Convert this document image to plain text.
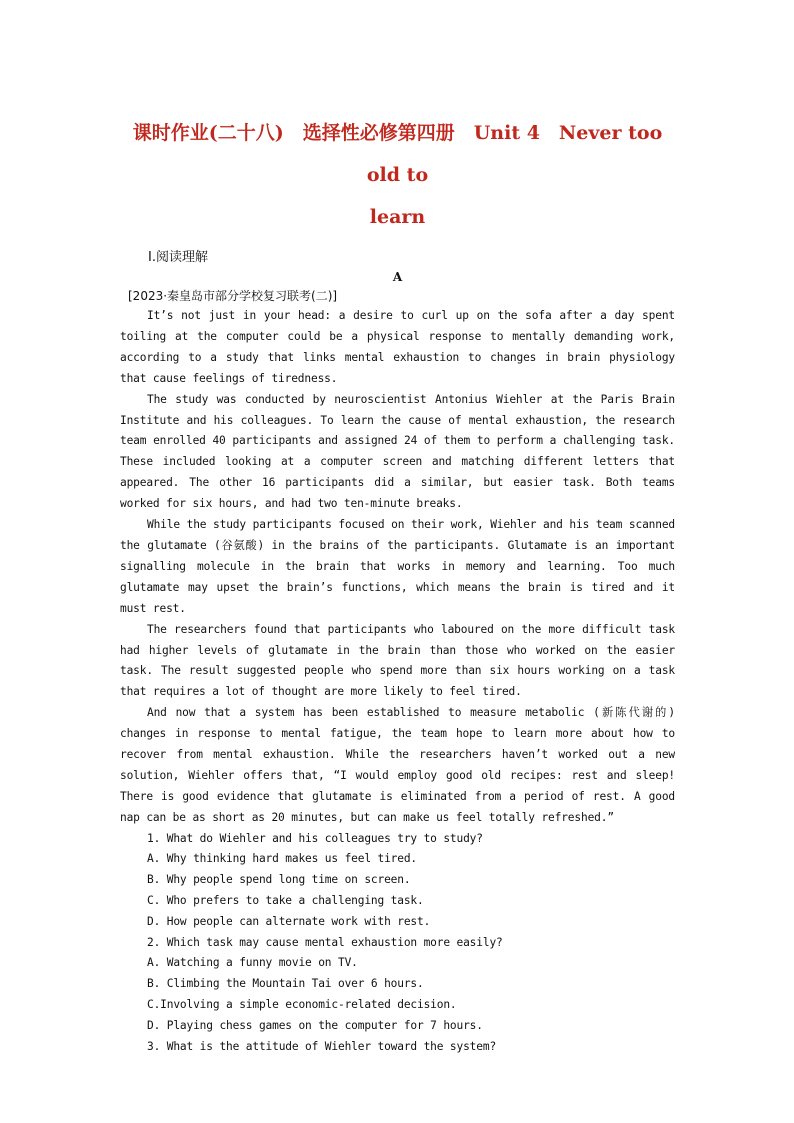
课时作业(二十八)　选择性必修第四册　Unit 4　Never too old to
learn
Ⅰ.阅读理解
A
[2023·秦皇岛市部分学校复习联考(二)]

It’s not just in your head: a desire to curl up on the sofa after a day spent toiling at the computer could be a physical response to mentally demanding work, according to a study that links mental exhaustion to changes in brain physiology that cause feelings of tiredness.

The study was conducted by neuroscientist Antonius Wiehler at the Paris Brain Institute and his colleagues. To learn the cause of mental exhaustion, the research team enrolled 40 participants and assigned 24 of them to perform a challenging task. These included looking at a computer screen and matching different letters that appeared. The other 16 participants did a similar, but easier task. Both teams worked for six hours, and had two ten-minute breaks.

While the study participants focused on their work, Wiehler and his team scanned the glutamate (谷氨酸) in the brains of the participants. Glutamate is an important signalling molecule in the brain that works in memory and learning. Too much glutamate may upset the brain’s functions, which means the brain is tired and it must rest.

The researchers found that participants who laboured on the more difficult task had higher levels of glutamate in the brain than those who worked on the easier task. The result suggested people who spend more than six hours working on a task that requires a lot of thought are more likely to feel tired.

And now that a system has been established to measure metabolic (新陈代谢的) changes in response to mental fatigue, the team hope to learn more about how to recover from mental exhaustion. While the researchers haven’t worked out a new solution, Wiehler offers that, “I would employ good old recipes: rest and sleep! There is good evidence that glutamate is eliminated from a period of rest. A good nap can be as short as 20 minutes, but can make us feel totally refreshed.”

1. What do Wiehler and his colleagues try to study?

A. Why thinking hard makes us feel tired.

B. Why people spend long time on screen.

C. Who prefers to take a challenging task.

D. How people can alternate work with rest.

2. Which task may cause mental exhaustion more easily?

A. Watching a funny movie on TV.

B. Climbing the Mountain Tai over 6 hours.

C.Involving a simple economic-related decision.

D. Playing chess games on the computer for 7 hours.

3. What is the attitude of Wiehler toward the system?
